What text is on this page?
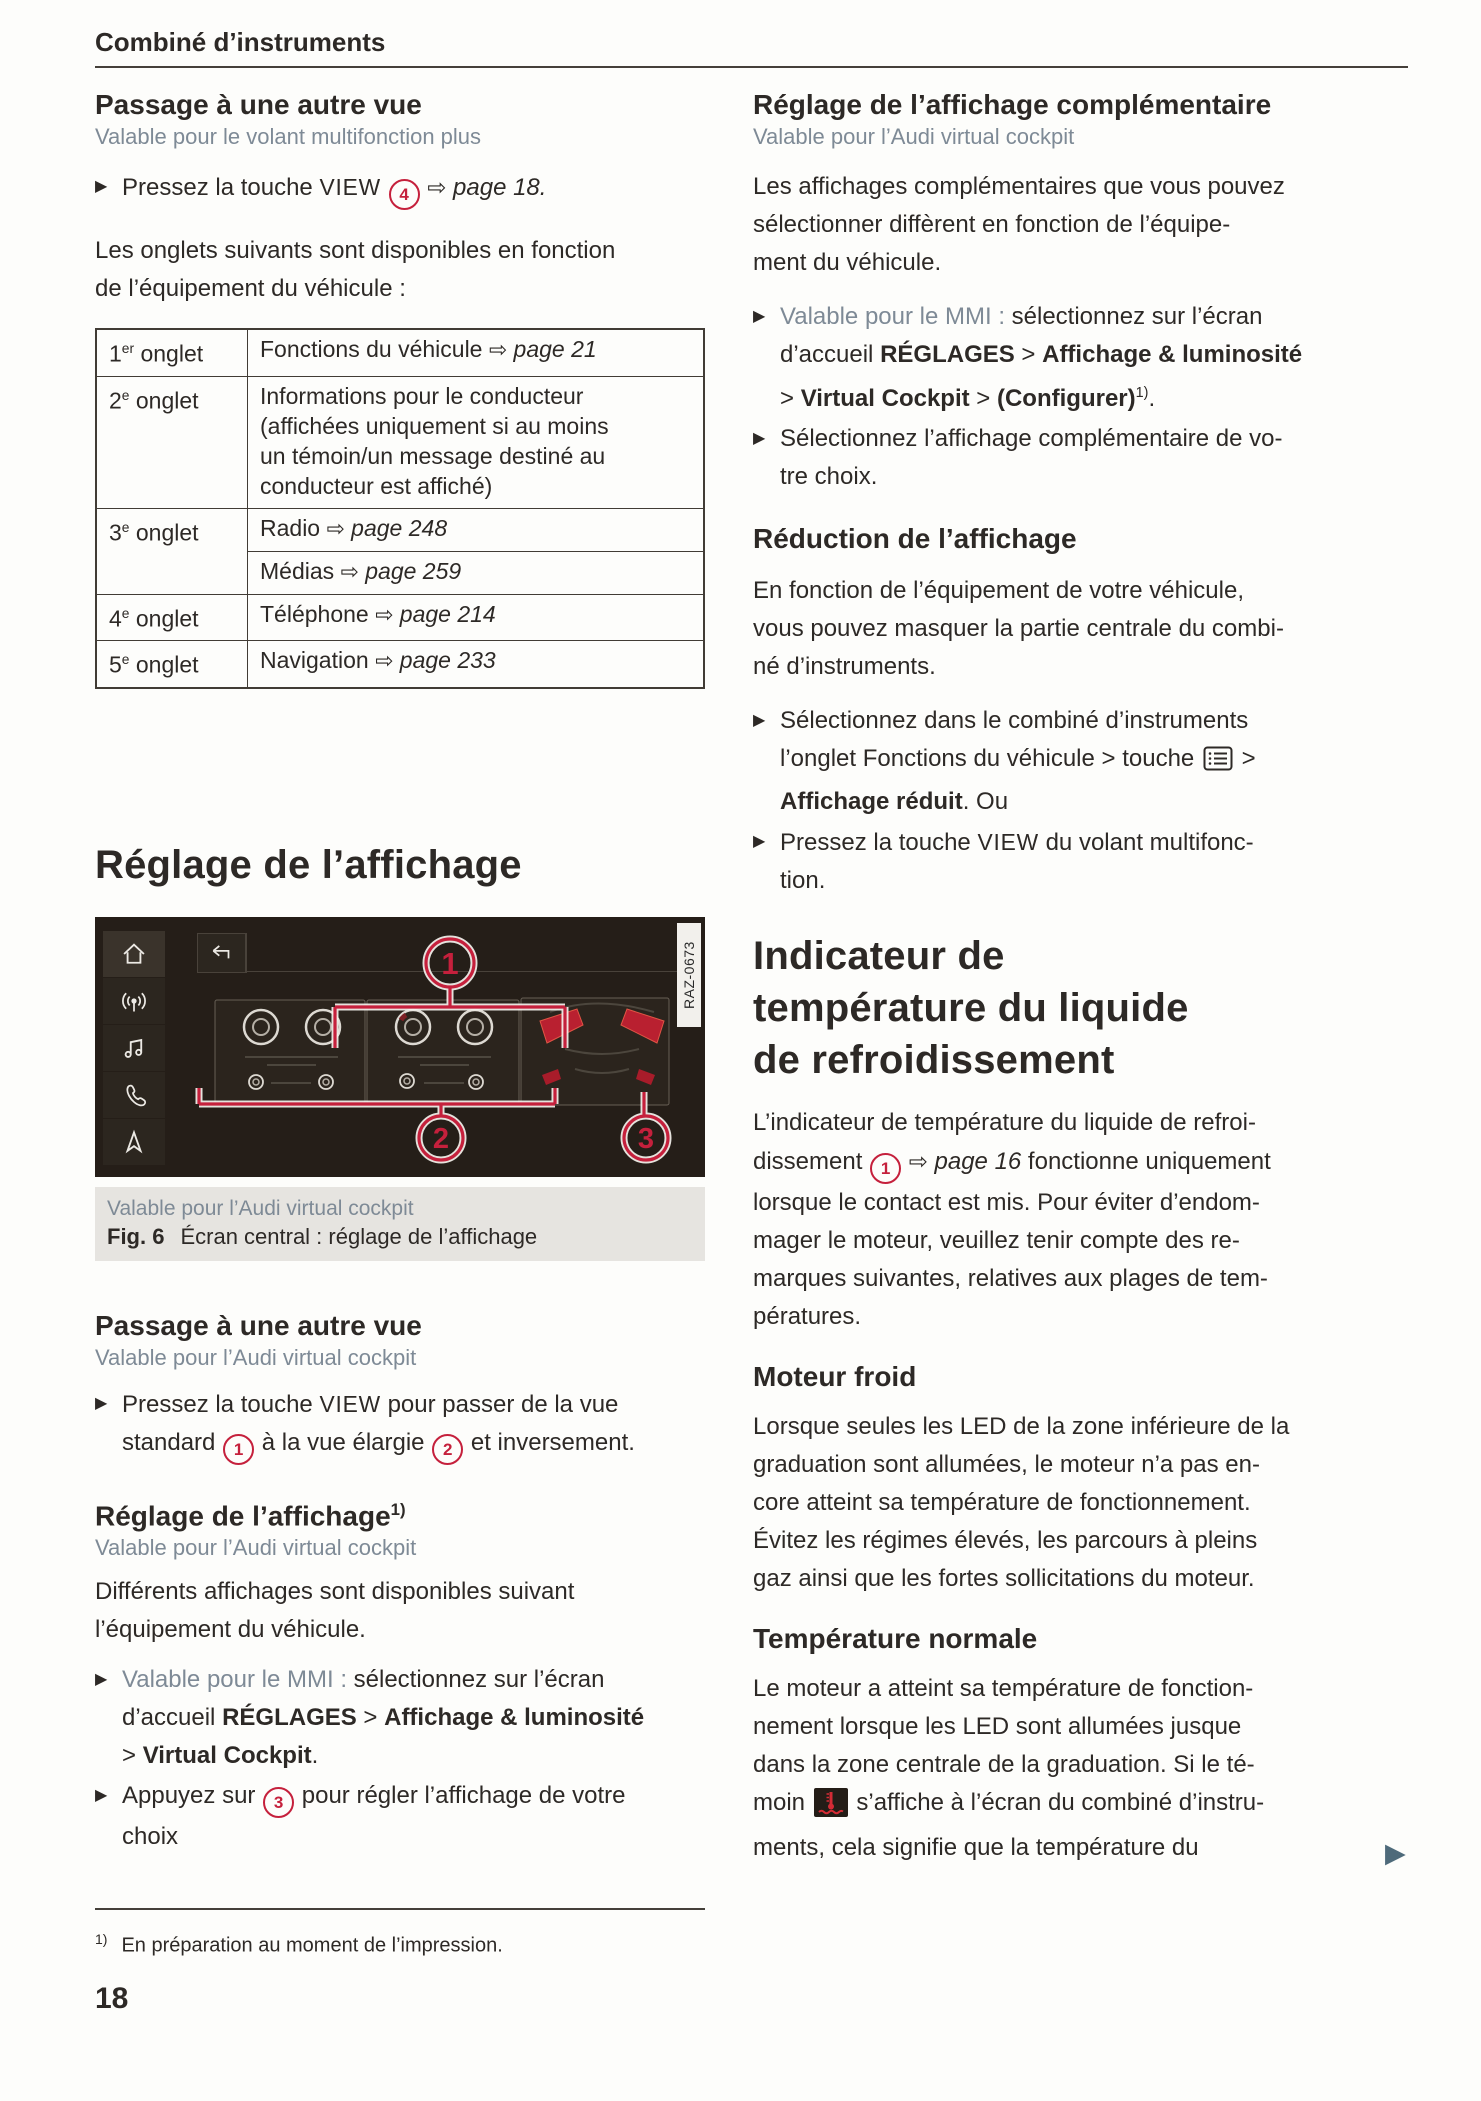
Combiné d’instruments
Passage à une autre vue
Valable pour le volant multifonction plus
▶ Pressez la touche VIEW 4 ⇨ page 18.

Les onglets suivants sont disponibles en fonction
de l’équipement du véhicule :

1er onglet	Fonctions du véhicule ⇨ page 21
2e onglet	Informations pour le conducteur
(affichées uniquement si au moins
un témoin/un message destiné au
conducteur est affiché)
3e onglet	Radio ⇨ page 248
	Médias ⇨ page 259
4e onglet	Téléphone ⇨ page 214
5e onglet	Navigation ⇨ page 233
Réglage de l’affichage
RAZ-0673
1
2	3
Valable pour l’Audi virtual cockpit
Fig. 6 Écran central : réglage de l’affichage
Passage à une autre vue
Valable pour l’Audi virtual cockpit
▶ Pressez la touche VIEW pour passer de la vue
standard 1 à la vue élargie 2 et inversement.
Réglage de l’affichage$^{1)}$
Valable pour l’Audi virtual cockpit

Différents affichages sont disponibles suivant
l’équipement du véhicule.

▶ Valable pour le MMI : sélectionnez sur l’écran
d’accueil RÉGLAGES > Affichage & luminosité
> Virtual Cockpit.
▶ Appuyez sur 3 pour régler l’affichage de votre
choix
Réglage de l’affichage complémentaire
Valable pour l’Audi virtual cockpit

Les affichages complémentaires que vous pouvez
sélectionner diffèrent en fonction de l’équipe-
ment du véhicule.

▶ Valable pour le MMI : sélectionnez sur l’écran
d’accueil RÉGLAGES > Affichage & luminosité
> Virtual Cockpit > (Configurer)$^{1)}$.
▶ Sélectionnez l’affichage complémentaire de vo-
tre choix.
Réduction de l’affichage

En fonction de l’équipement de votre véhicule,
vous pouvez masquer la partie centrale du combi-
né d’instruments.

▶ Sélectionnez dans le combiné d’instruments
l’onglet Fonctions du véhicule > touche  >
Affichage réduit. Ou
▶ Pressez la touche VIEW du volant multifonc-
tion.
Indicateur de
température du liquide
de refroidissement

L’indicateur de température du liquide de refroi-
dissement 1 ⇨ page 16 fonctionne uniquement
lorsque le contact est mis. Pour éviter d’endom-
mager le moteur, veuillez tenir compte des re-
marques suivantes, relatives aux plages de tem-
pératures.

Moteur froid

Lorsque seules les LED de la zone inférieure de la
graduation sont allumées, le moteur n’a pas en-
core atteint sa température de fonctionnement.
Évitez les régimes élevés, les parcours à pleins
gaz ainsi que les fortes sollicitations du moteur.

Température normale

Le moteur a atteint sa température de fonction-
nement lorsque les LED sont allumées jusque
dans la zone centrale de la graduation. Si le té-
moin  s’affiche à l’écran du combiné d’instru-
ments, cela signifie que la température du

$^{1)}$ En préparation au moment de l’impression.
18
▶
